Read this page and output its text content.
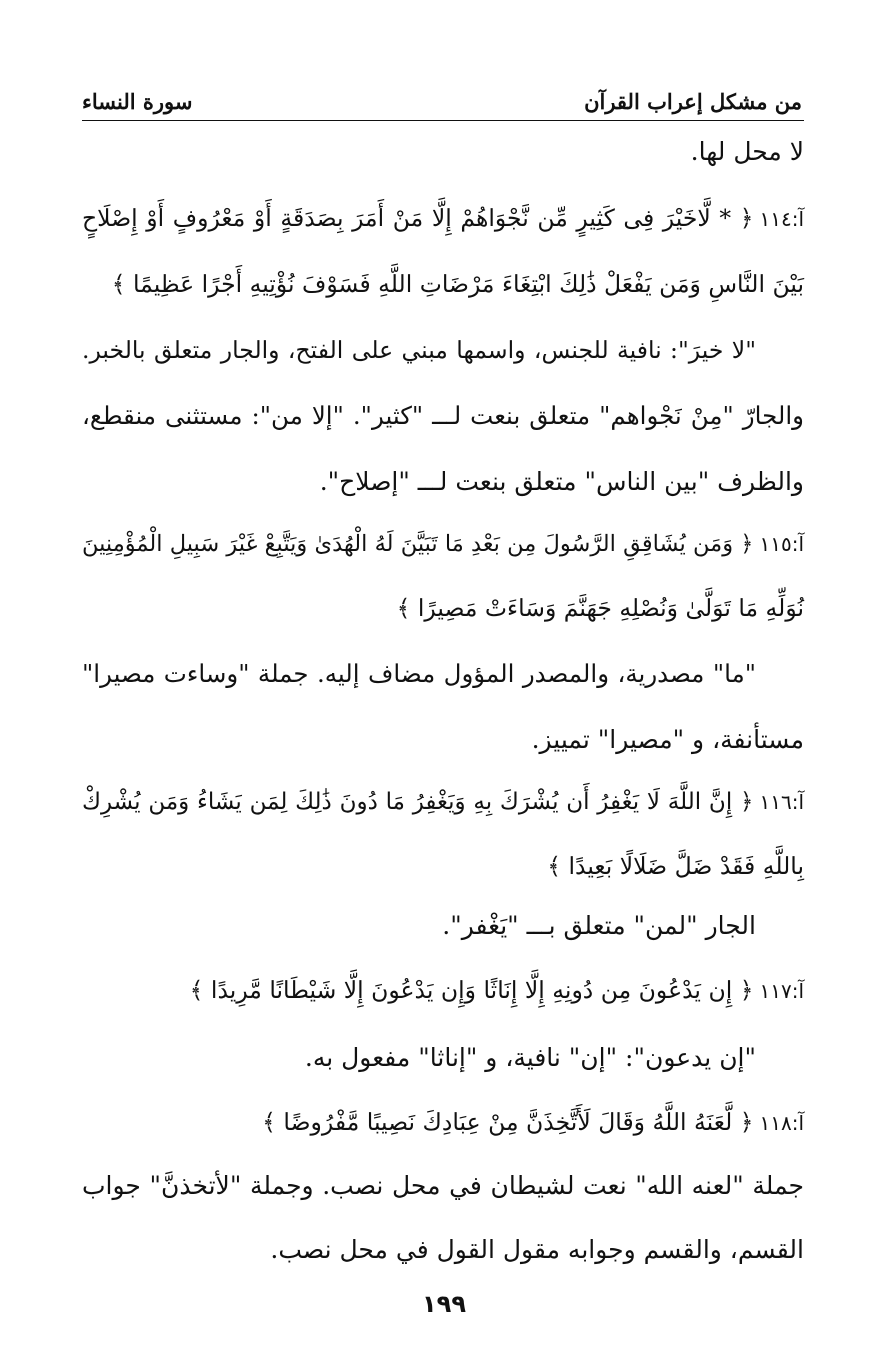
من مشكل إعراب القرآن
سورة النساء
لا محل لها.
آ:١١٤﴿ * لَّاخَيْرَ فِى كَثِيرٍ مِّن نَّجْوَاهُمْ إِلَّا مَنْ أَمَرَ بِصَدَقَةٍ أَوْ مَعْرُوفٍ أَوْ إِصْلَاحٍ
بَيْنَ النَّاسِ وَمَن يَفْعَلْ ذَٰلِكَ ابْتِغَاءَ مَرْضَاتِ اللَّهِ فَسَوْفَ نُؤْتِيهِ أَجْرًا عَظِيمًا ﴾
"لا خيرَ": نافية للجنس، واسمها مبني على الفتح، والجار متعلق بالخبر.
والجارّ "مِنْ نَجْواهم" متعلق بنعت لـــ "كثير". "إلا من": مستثنى منقطع،
والظرف "بين الناس" متعلق بنعت لـــ "إصلاح".
آ:١١٥﴿ وَمَن يُشَاقِقِ الرَّسُولَ مِن بَعْدِ مَا تَبَيَّنَ لَهُ الْهُدَىٰ وَيَتَّبِعْ غَيْرَ سَبِيلِ الْمُؤْمِنِينَ
نُوَلِّهِ مَا تَوَلَّىٰ وَنُصْلِهِ جَهَنَّمَ وَسَاءَتْ مَصِيرًا ﴾
"ما" مصدرية، والمصدر المؤول مضاف إليه. جملة "وساءت مصيرا"
مستأنفة، و "مصيرا" تمييز.
آ:١١٦﴿ إِنَّ اللَّهَ لَا يَغْفِرُ أَن يُشْرَكَ بِهِ وَيَغْفِرُ مَا دُونَ ذَٰلِكَ لِمَن يَشَاءُ وَمَن يُشْرِكْ
بِاللَّهِ فَقَدْ ضَلَّ ضَلَالًا بَعِيدًا ﴾
الجار "لمن" متعلق بـــ "يَغْفر".
آ:١١٧﴿ إِن يَدْعُونَ مِن دُونِهِ إِلَّا إِنَاثًا وَإِن يَدْعُونَ إِلَّا شَيْطَانًا مَّرِيدًا ﴾
"إن يدعون": "إن" نافية، و "إناثا" مفعول به.
آ:١١٨﴿ لَّعَنَهُ اللَّهُ وَقَالَ لَأَتَّخِذَنَّ مِنْ عِبَادِكَ نَصِيبًا مَّفْرُوضًا ﴾
جملة "لعنه الله" نعت لشيطان في محل نصب. وجملة "لأتخذنَّ" جواب
القسم، والقسم وجوابه مقول القول في محل نصب.
١٩٩
